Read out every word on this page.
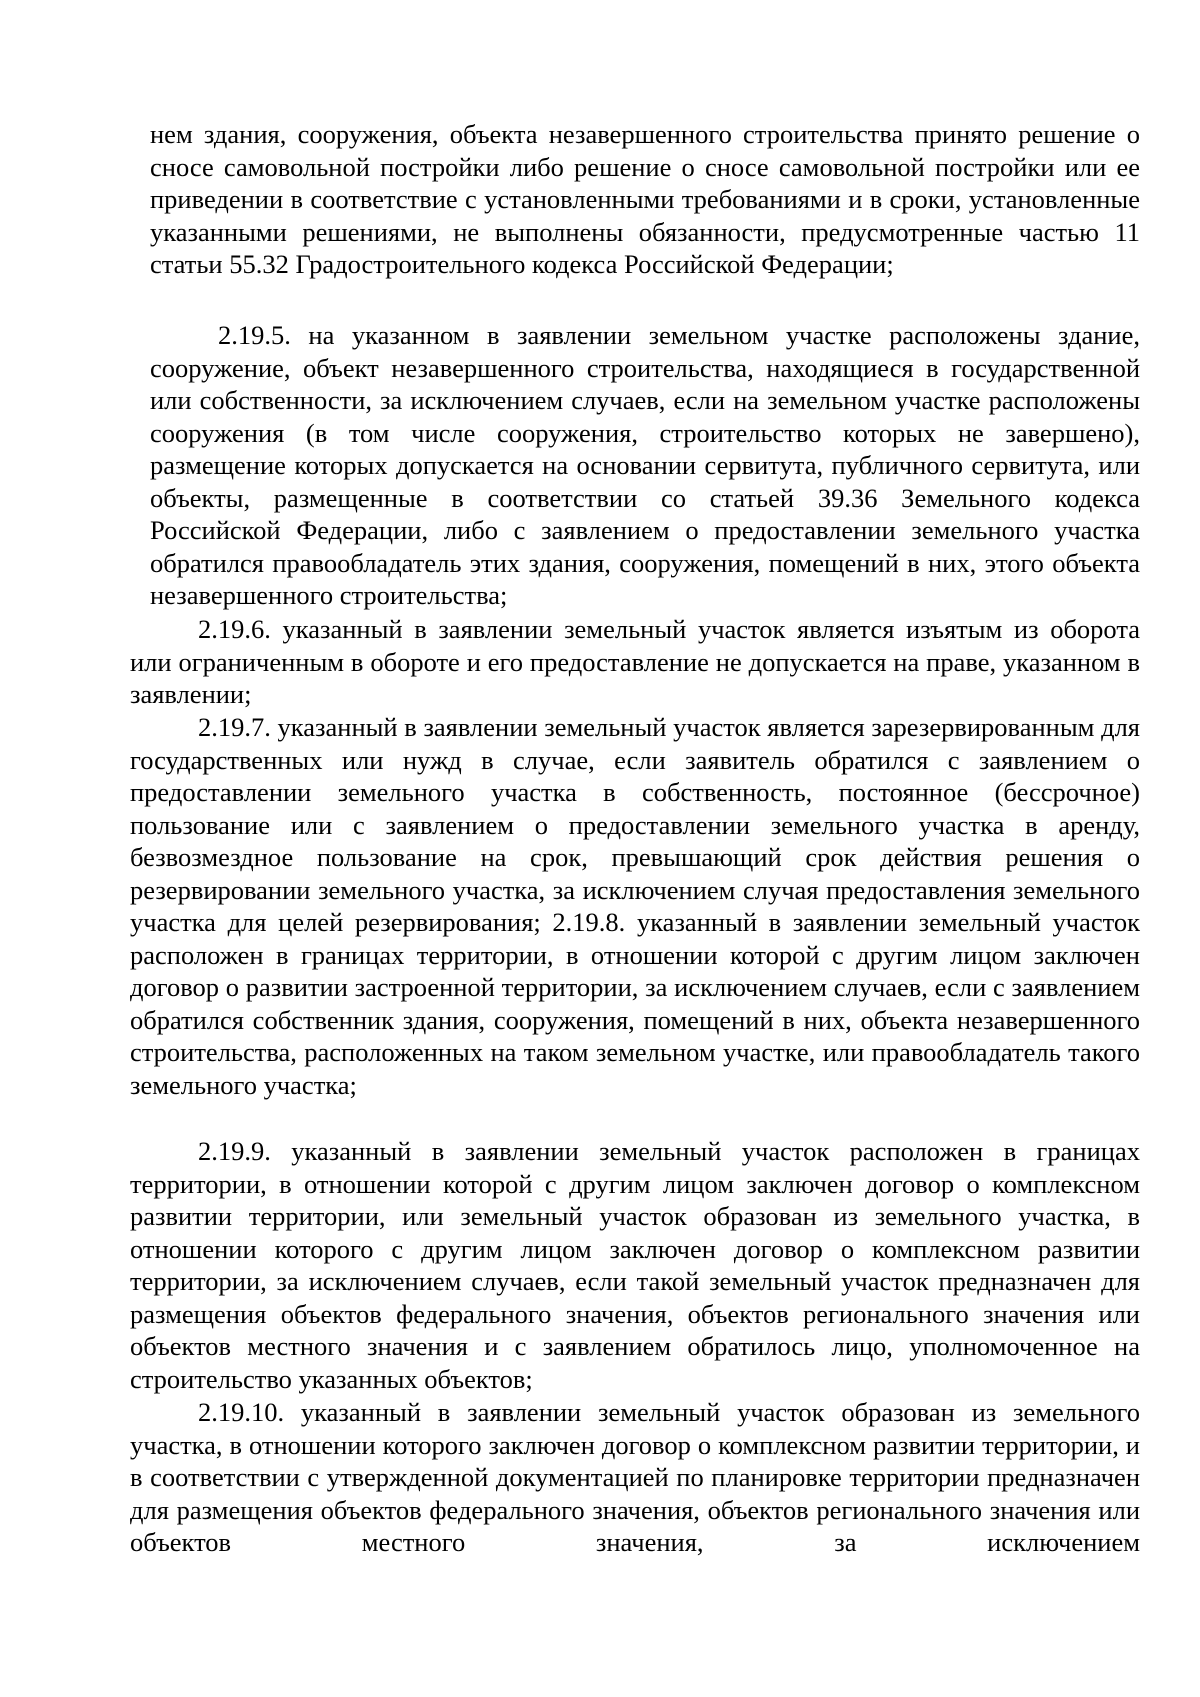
нем здания, сооружения, объекта незавершенного строительства принято решение о сносе самовольной постройки либо решение о сносе самовольной постройки или ее приведении в соответствие с установленными требованиями и в сроки, установленные указанными решениями, не выполнены обязанности, предусмотренные частью 11 статьи 55.32 Градостроительного кодекса Российской Федерации;

2.19.5. на указанном в заявлении земельном участке расположены здание, сооружение, объект незавершенного строительства, находящиеся в государственной или собственности, за исключением случаев, если на земельном участке расположены сооружения (в том числе сооружения, строительство которых не завершено), размещение которых допускается на основании сервитута, публичного сервитута, или объекты, размещенные в соответствии со статьей 39.36 Земельного кодекса Российской Федерации, либо с заявлением о предоставлении земельного участка обратился правообладатель этих здания, сооружения, помещений в них, этого объекта незавершенного строительства;

2.19.6. указанный в заявлении земельный участок является изъятым из оборота или ограниченным в обороте и его предоставление не допускается на праве, указанном в заявлении;

2.19.7. указанный в заявлении земельный участок является зарезервированным для государственных или нужд в случае, если заявитель обратился с заявлением о предоставлении земельного участка в собственность, постоянное (бессрочное) пользование или с заявлением о предоставлении земельного участка в аренду, безвозмездное пользование на срок, превышающий срок действия решения о резервировании земельного участка, за исключением случая предоставления земельного участка для целей резервирования; 2.19.8. указанный в заявлении земельный участок расположен в границах территории, в отношении которой с другим лицом заключен договор о развитии застроенной территории, за исключением случаев, если с заявлением обратился собственник здания, сооружения, помещений в них, объекта незавершенного строительства, расположенных на таком земельном участке, или правообладатель такого земельного участка;

2.19.9. указанный в заявлении земельный участок расположен в границах территории, в отношении которой с другим лицом заключен договор о комплексном развитии территории, или земельный участок образован из земельного участка, в отношении которого с другим лицом заключен договор о комплексном развитии территории, за исключением случаев, если такой земельный участок предназначен для размещения объектов федерального значения, объектов регионального значения или объектов местного значения и с заявлением обратилось лицо, уполномоченное на строительство указанных объектов;

2.19.10. указанный в заявлении земельный участок образован из земельного участка, в отношении которого заключен договор о комплексном развитии территории, и в соответствии с утвержденной документацией по планировке территории предназначен для размещения объектов федерального значения, объектов регионального значения или объектов местного значения, за исключением
